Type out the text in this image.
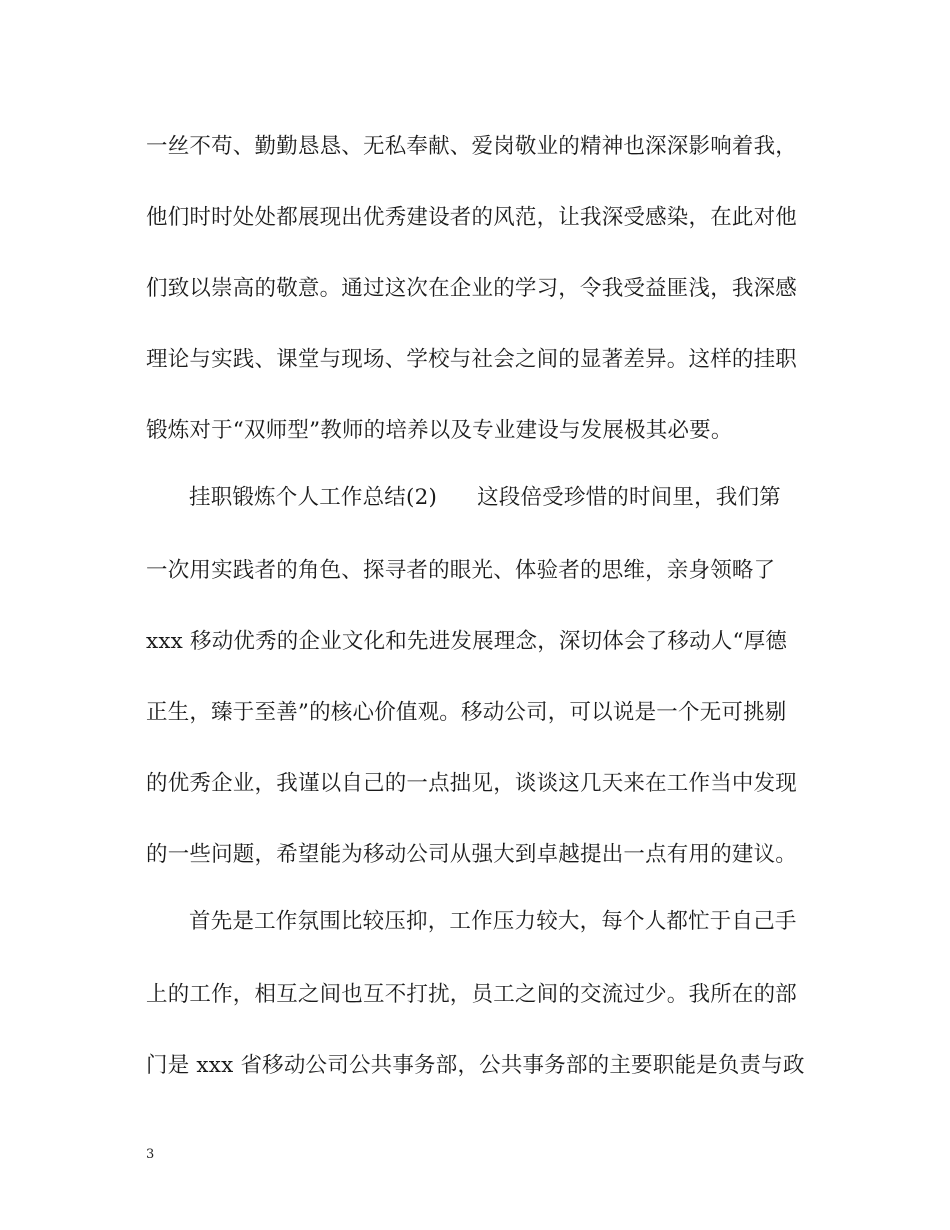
一丝不苟、勤勤恳恳、无私奉献、爱岗敬业的精神也深深影响着我，
他们时时处处都展现出优秀建设者的风范，让我深受感染，在此对他
们致以崇高的敬意。通过这次在企业的学习，令我受益匪浅，我深感
理论与实践、课堂与现场、学校与社会之间的显著差异。这样的挂职
锻炼对于“双师型”教师的培养以及专业建设与发展极其必要。
挂职锻炼个人工作总结(2) 这段倍受珍惜的时间里，我们第
一次用实践者的角色、探寻者的眼光、体验者的思维，亲身领略了
xxx 移动优秀的企业文化和先进发展理念，深切体会了移动人“厚德
正生，臻于至善”的核心价值观。移动公司，可以说是一个无可挑剔
的优秀企业，我谨以自己的一点拙见，谈谈这几天来在工作当中发现
的一些问题，希望能为移动公司从强大到卓越提出一点有用的建议。
首先是工作氛围比较压抑，工作压力较大，每个人都忙于自己手
上的工作，相互之间也互不打扰，员工之间的交流过少。我所在的部
门是 xxx 省移动公司公共事务部，公共事务部的主要职能是负责与政
3
